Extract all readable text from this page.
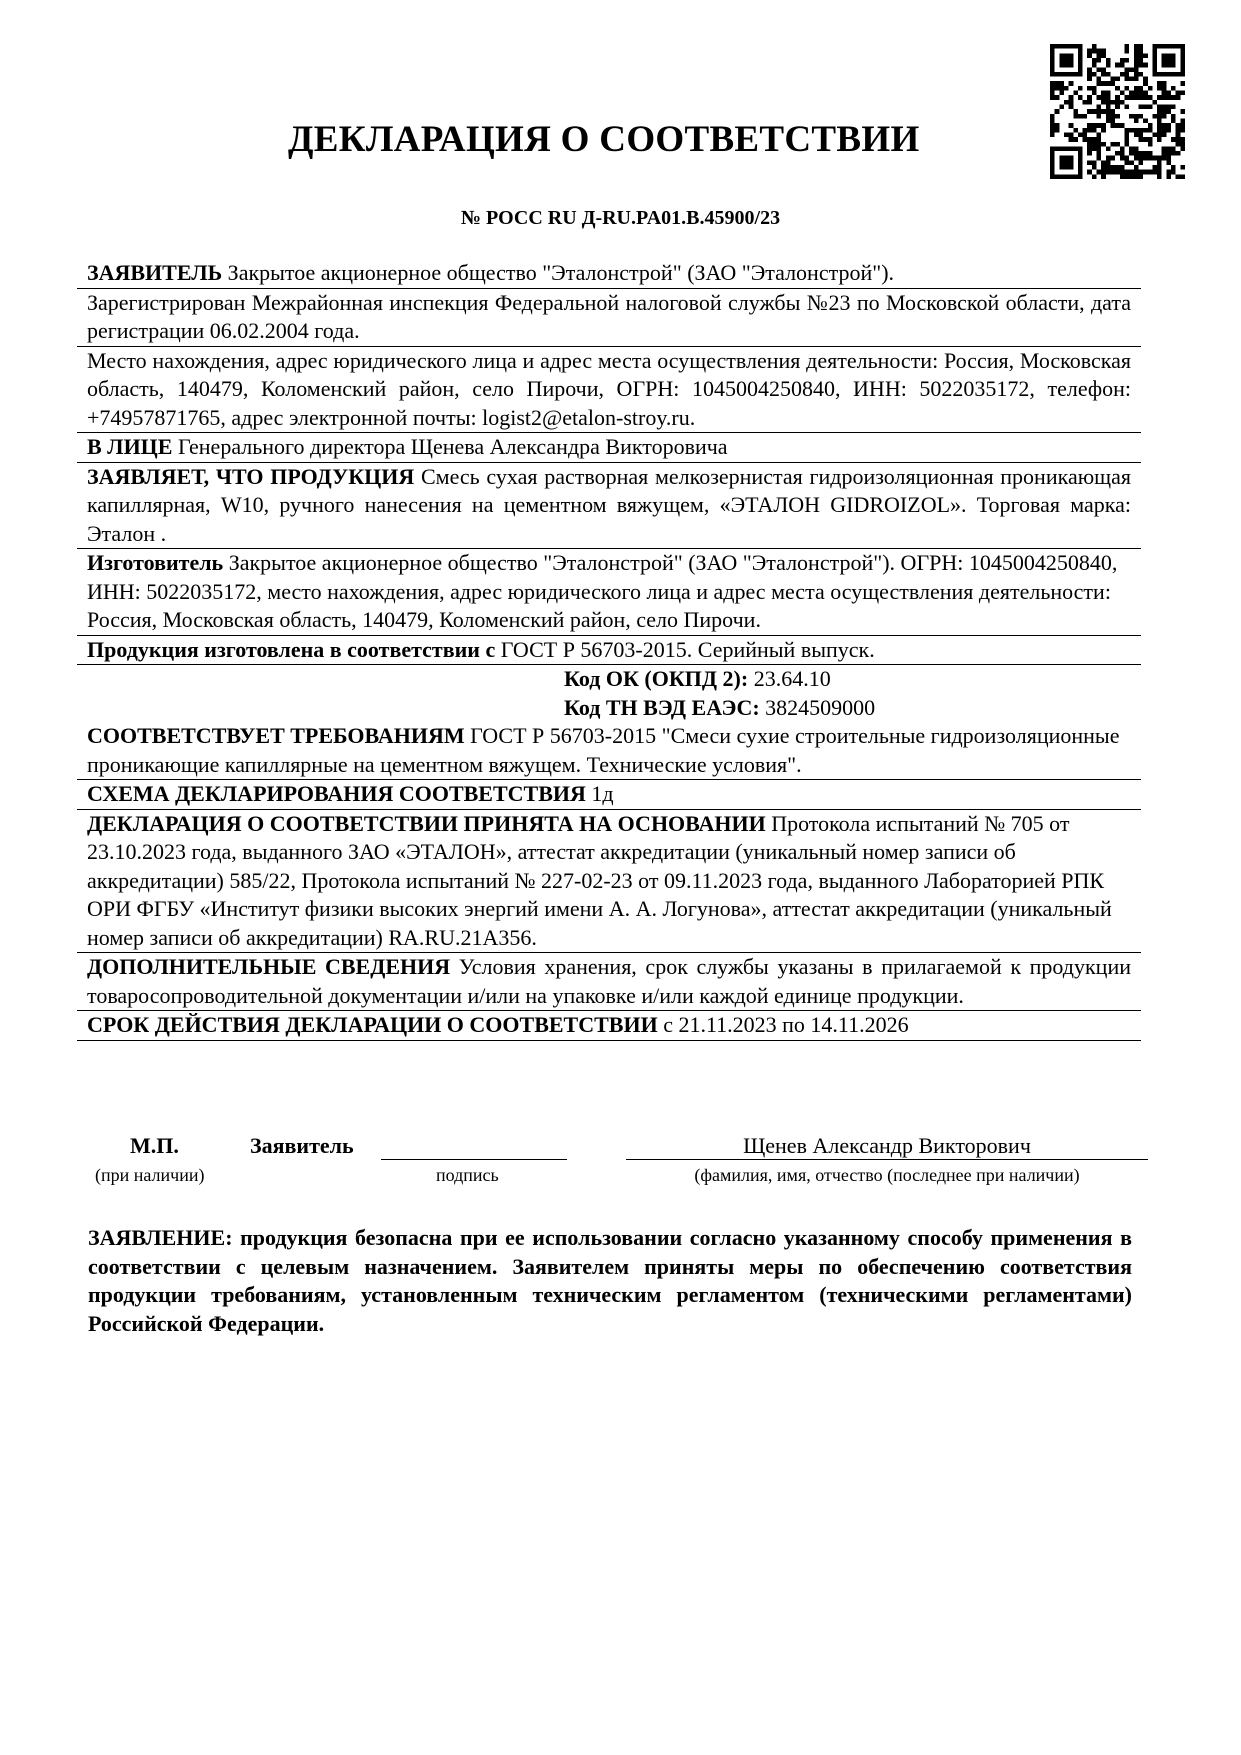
ДЕКЛАРАЦИЯ О СООТВЕТСТВИИ
№ РОСС RU Д-RU.PA01.B.45900/23
ЗАЯВИТЕЛЬ Закрытое акционерное общество "Эталонстрой" (ЗАО "Эталонстрой").
Зарегистрирован Межрайонная инспекция Федеральной налоговой службы №23 по Московской области, дата регистрации 06.02.2004 года.
Место нахождения, адрес юридического лица и адрес места осуществления деятельности: Россия, Московская область, 140479, Коломенский район, село Пирочи, ОГРН: 1045004250840, ИНН: 5022035172, телефон: +74957871765, адрес электронной почты: logist2@etalon-stroy.ru.
В ЛИЦЕ Генерального директора Щенева Александра Викторовича
ЗАЯВЛЯЕТ, ЧТО ПРОДУКЦИЯ Смесь сухая растворная мелкозернистая гидроизоляционная проникающая капиллярная, W10, ручного нанесения на цементном вяжущем, «ЭТАЛОН GIDROIZOL». Торговая марка: Эталон .
Изготовитель Закрытое акционерное общество "Эталонстрой" (ЗАО "Эталонстрой"). ОГРН: 1045004250840, ИНН: 5022035172, место нахождения, адрес юридического лица и адрес места осуществления деятельности: Россия, Московская область, 140479, Коломенский район, село Пирочи.
Продукция изготовлена в соответствии с ГОСТ Р 56703-2015. Серийный выпуск.
Код ОК (ОКПД 2): 23.64.10
Код ТН ВЭД ЕАЭС: 3824509000
СООТВЕТСТВУЕТ ТРЕБОВАНИЯМ ГОСТ Р 56703-2015 "Смеси сухие строительные гидроизоляционные проникающие капиллярные на цементном вяжущем. Технические условия".
СХЕМА ДЕКЛАРИРОВАНИЯ СООТВЕТСТВИЯ 1д
ДЕКЛАРАЦИЯ О СООТВЕТСТВИИ ПРИНЯТА НА ОСНОВАНИИ Протокола испытаний № 705 от 23.10.2023 года, выданного ЗАО «ЭТАЛОН», аттестат аккредитации (уникальный номер записи об аккредитации) 585/22, Протокола испытаний № 227-02-23 от 09.11.2023 года, выданного Лабораторией РПК ОРИ ФГБУ «Институт физики высоких энергий имени А. А. Логунова», аттестат аккредитации (уникальный номер записи об аккредитации) RA.RU.21A356.
ДОПОЛНИТЕЛЬНЫЕ СВЕДЕНИЯ Условия хранения, срок службы указаны в прилагаемой к продукции товаросопроводительной документации и/или на упаковке и/или каждой единице продукции.
СРОК ДЕЙСТВИЯ ДЕКЛАРАЦИИ О СООТВЕТСТВИИ с 21.11.2023 по 14.11.2026
М.П.
(при наличии)
Заявитель
подпись
Щенев Александр Викторович
(фамилия, имя, отчество (последнее при наличии)
ЗАЯВЛЕНИЕ: продукция безопасна при ее использовании согласно указанному способу применения в соответствии с целевым назначением. Заявителем приняты меры по обеспечению соответствия продукции требованиям, установленным техническим регламентом (техническими регламентами) Российской Федерации.
